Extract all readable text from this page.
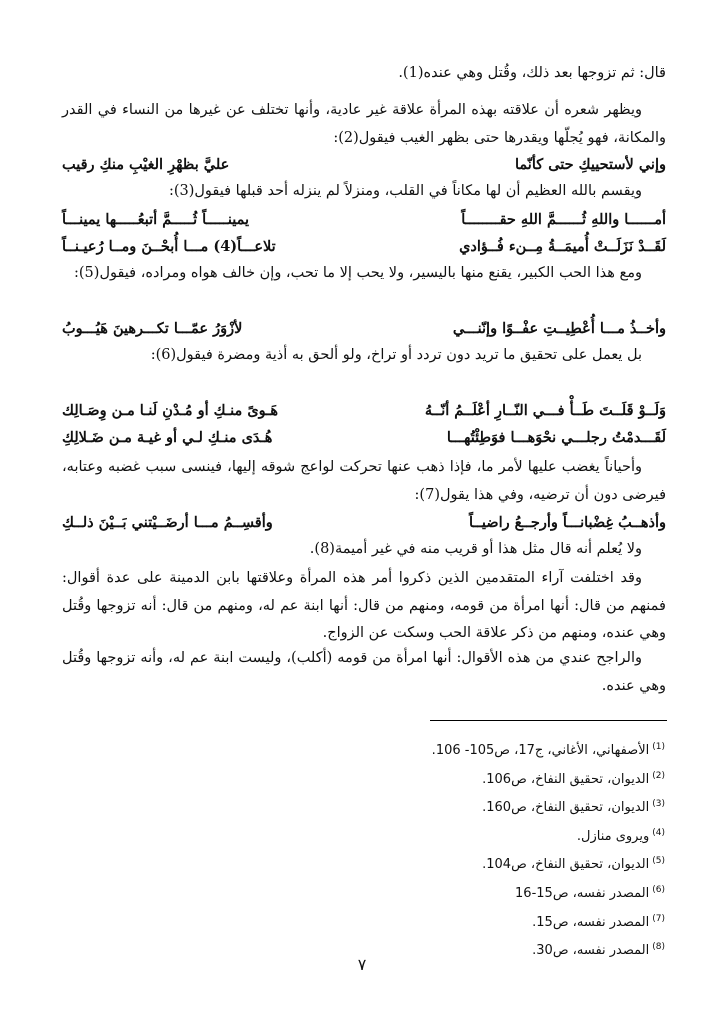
قال: ثم تزوجها بعد ذلك، وقُتل وهي عنده(1).
ويظهر شعره أن علاقته بهذه المرأة علاقة غير عادية، وأنها تختلف عن غيرها من النساء في القدر والمكانة، فهو يُجلّها ويقدرها حتى بظهر الغيب فيقول(2):
وإني لأستحييكِ حتى كأنّما
عليَّ بظهْرِ الغيْبِ منكِ رقيب
ويقسم بالله العظيم أن لها مكاناً في القلب، ومنزلاً لم ينزله أحد قبلها فيقول(3):
أمــــــا واللهِ ثُــــــمَّ اللهِ حقــــــــاً
يمينـــــاً ثُـــــمَّ أتبعُـــــها يمينـــاً
لَقَــدْ نَزَلَــتْ أُميمَــةُ مِــنء فُــؤادي
تلاعـــاً(4) مـــا أُبحْــنَ ومــا رُعيـنــاً
ومع هذا الحب الكبير، يقنع منها باليسير، ولا يحب إلا ما تحب، وإن خالف هواه ومراده، فيقول(5):
وأخــذُ مـــا أُعْطِيــتِ عفْــوًا وإنّنـــي
لأزْوَرُ عمّـــا تكـــرهينَ هَيُـــوبُ
بل يعمل على تحقيق ما تريد دون تردد أو تراخ، ولو ألحق به أذية ومضرة فيقول(6):
وَلَــوْ قَلَــتَ طَــأْ فـــي النّــارِ أعْلَــمُ أنّــهُ
هَـوىً منـكِ أو مُـدْنِ لَنـا مـن وِصَـالِك
لَقَـــدمْتُ رجلـــي نحْوَهـــا فوَطِئْتُهـــا
هُـدَى منـكِ لـي أو غيـة مـن ضَـلالِكِ
وأحياناً يغضب عليها لأمر ما، فإذا ذهب عنها تحركت لواعج شوقه إليها، فينسى سبب غضبه وعتابه، فيرضى دون أن ترضيه، وفي هذا يقول(7):
وأذهــبُ غِضْبانـــاً وأرجــعُ راضيــاً
وأقسِــمُ مـــا أرضَــيْتني بَــيْنَ ذلــكِ
ولا يُعلم أنه قال مثل هذا أو قريب منه في غير أميمة(8).
وقد اختلفت آراء المتقدمين الذين ذكروا أمر هذه المرأة وعلاقتها بابن الدمينة على عدة أقوال: فمنهم من قال: أنها امرأة من قومه، ومنهم من قال: أنها ابنة عم له، ومنهم من قال: أنه تزوجها وقُتل وهي عنده، ومنهم من ذكر علاقة الحب وسكت عن الزواج.
والراجح عندي من هذه الأقوال: أنها امرأة من قومه (أكلب)، وليست ابنة عم له، وأنه تزوجها وقُتل وهي عنده.
$^{(1)}$الأصفهاني، الأغاني، ج17، ص105- 106.
$^{(2)}$الديوان، تحقيق النفاخ، ص106.
$^{(3)}$الديوان، تحقيق النفاخ، ص160.
$^{(4)}$ويروى منازل.
$^{(5)}$الديوان، تحقيق النفاخ، ص104.
$^{(6)}$المصدر نفسه، ص15-16
$^{(7)}$المصدر نفسه، ص15.
$^{(8)}$المصدر نفسه، ص30.
٧
